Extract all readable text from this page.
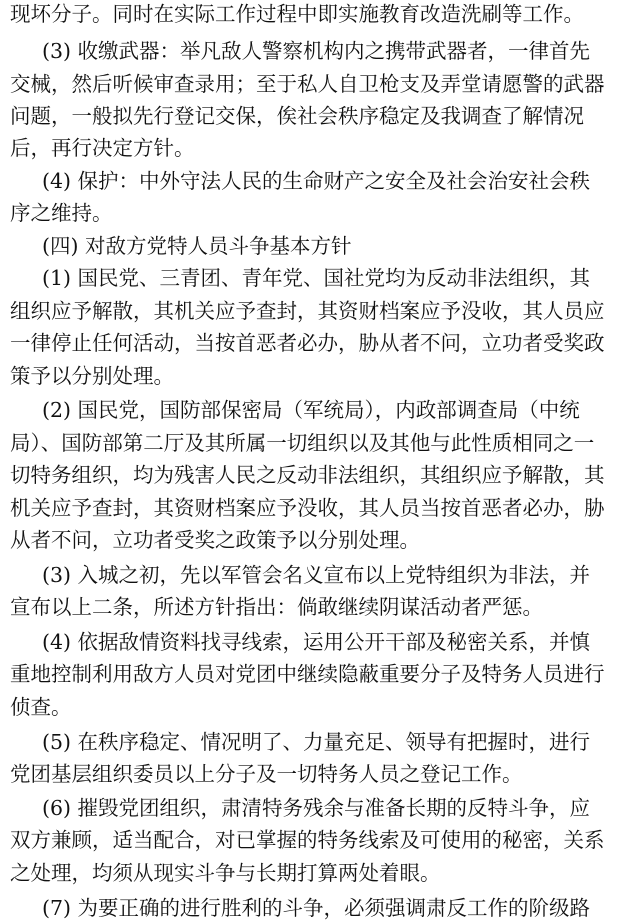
现坏分子。同时在实际工作过程中即实施教育改造洗刷等工作。
(3) 收缴武器：举凡敌人警察机构内之携带武器者，一律首先
交械，然后听候审查录用；至于私人自卫枪支及弄堂请愿警的武器
问题，一般拟先行登记交保，俟社会秩序稳定及我调查了解情况
后，再行决定方针。
(4) 保护：中外守法人民的生命财产之安全及社会治安社会秩
序之维持。
(四) 对敌方党特人员斗争基本方针
(1) 国民党、三青团、青年党、国社党均为反动非法组织，其
组织应予解散，其机关应予查封，其资财档案应予没收，其人员应
一律停止任何活动，当按首恶者必办，胁从者不问，立功者受奖政
策予以分别处理。
(2) 国民党，国防部保密局（军统局），内政部调查局（中统
局）、国防部第二厅及其所属一切组织以及其他与此性质相同之一
切特务组织，均为残害人民之反动非法组织，其组织应予解散，其
机关应予查封，其资财档案应予没收，其人员当按首恶者必办，胁
从者不问，立功者受奖之政策予以分别处理。
(3) 入城之初，先以军管会名义宣布以上党特组织为非法，并
宣布以上二条，所述方针指出：倘敢继续阴谋活动者严惩。
(4) 依据敌情资料找寻线索，运用公开干部及秘密关系，并慎
重地控制利用敌方人员对党团中继续隐蔽重要分子及特务人员进行
侦查。
(5) 在秩序稳定、情况明了、力量充足、领导有把握时，进行
党团基层组织委员以上分子及一切特务人员之登记工作。
(6) 摧毁党团组织，肃清特务残余与准备长期的反特斗争，应
双方兼顾，适当配合，对已掌握的特务线索及可使用的秘密，关系
之处理，均须从现实斗争与长期打算两处着眼。
(7) 为要正确的进行胜利的斗争，必须强调肃反工作的阶级路
